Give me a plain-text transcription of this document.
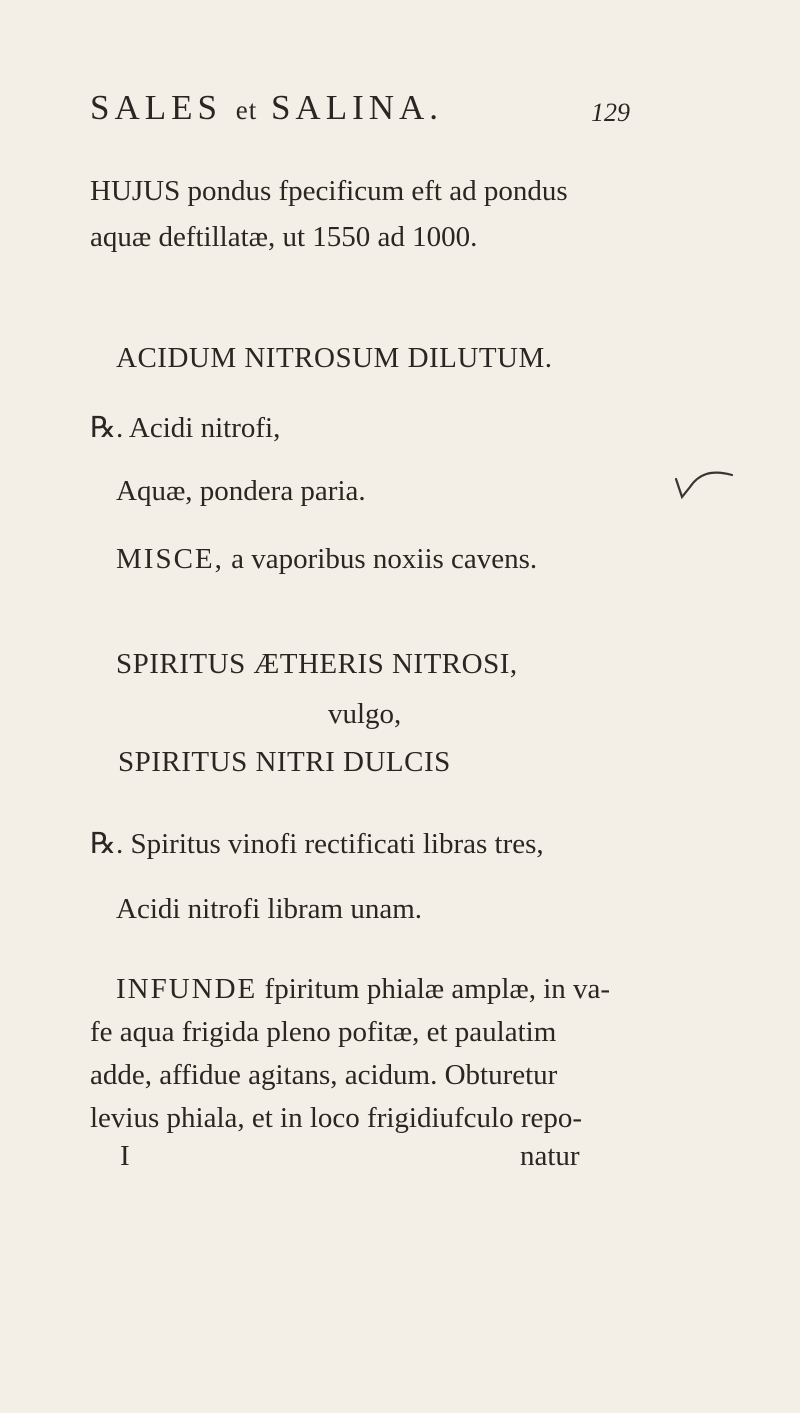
SALES et SALINA.	129
HUJUS pondus fpecificum eft ad pondus
aquæ deftillatæ, ut 1550 ad 1000.
ACIDUM NITROSUM DILUTUM.
℞. Acidi nitrofi,
Aquæ, pondera paria.
MISCE, a vaporibus noxiis cavens.
SPIRITUS ÆTHERIS NITROSI,
vulgo,
SPIRITUS NITRI DULCIS
℞. Spiritus vinofi rectificati libras tres,
Acidi nitrofi libram unam.
INFUNDE fpiritum phialæ amplæ, in va-
fe aqua frigida pleno pofitæ, et paulatim
adde, affidue agitans, acidum. Obturetur
levius phiala, et in loco frigidiufculo repo-
I	natur
